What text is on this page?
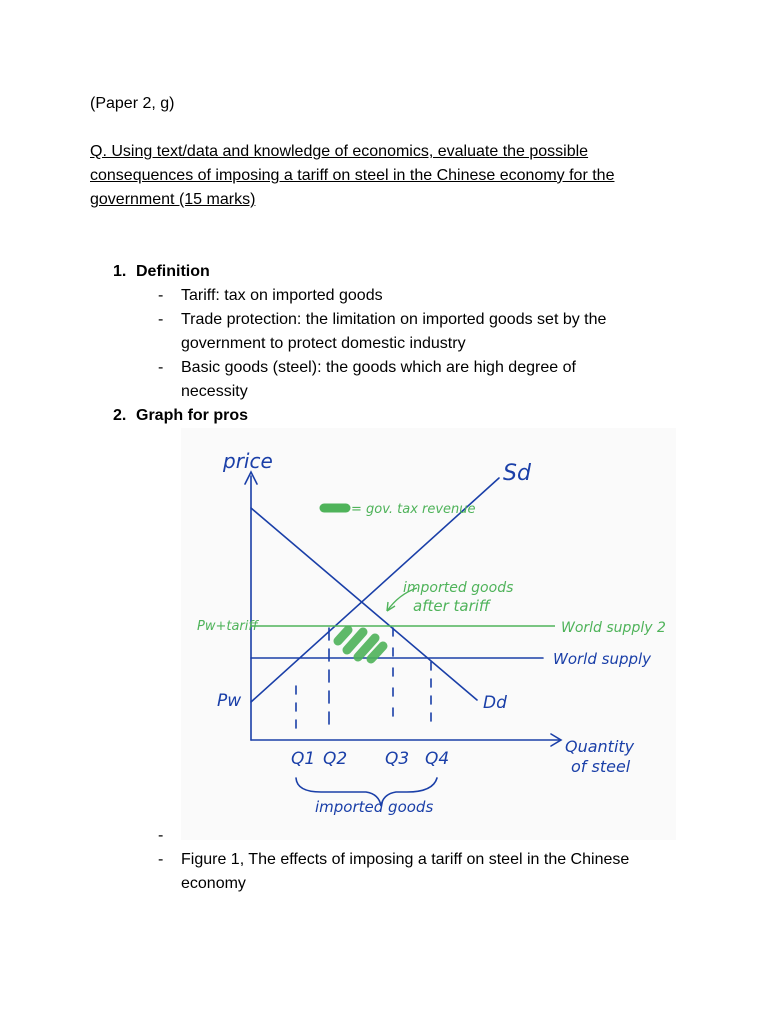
(Paper 2, g)
Q. Using text/data and knowledge of economics, evaluate the possible
consequences of imposing a tariff on steel in the Chinese economy for the
government (15 marks)
1. Definition
- Tariff: tax on imported goods
- Trade protection: the limitation on imported goods set by the
government to protect domestic industry
- Basic goods (steel): the goods which are high degree of
necessity
2. Graph for pros
price	Sd
Dd
Pw
World supply
Quantity
of steel
Q1 Q2 Q3 Q4
imported goods
= gov. tax revenue
imported goods
after tariff
Pw+tariff	World supply 2
-
- Figure 1, The effects of imposing a tariff on steel in the Chinese
economy
